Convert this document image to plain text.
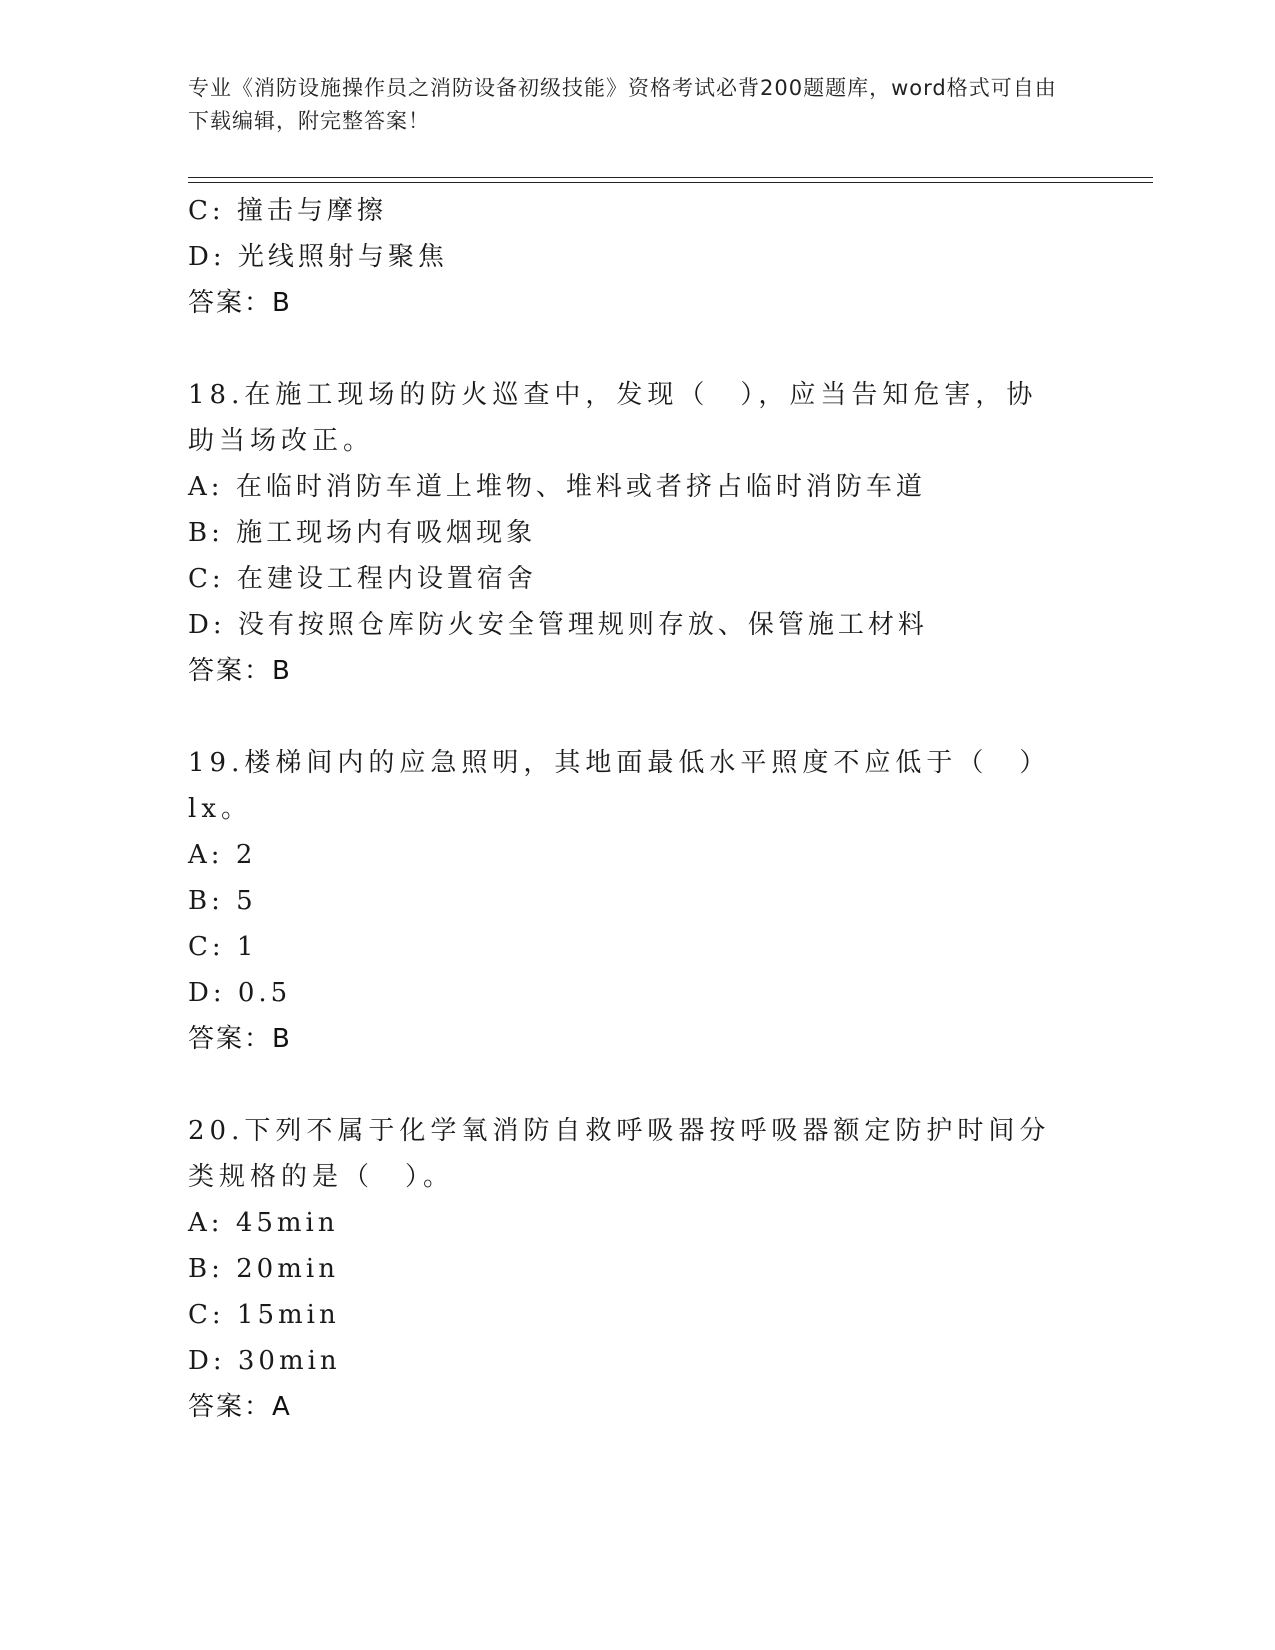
专业《消防设施操作员之消防设备初级技能》资格考试必背200题题库，word格式可自由下载编辑，附完整答案！
C: 撞击与摩擦
D: 光线照射与聚焦
答案：B
18.在施工现场的防火巡查中，发现（　），应当告知危害，协助当场改正。
A: 在临时消防车道上堆物、堆料或者挤占临时消防车道
B: 施工现场内有吸烟现象
C: 在建设工程内设置宿舍
D: 没有按照仓库防火安全管理规则存放、保管施工材料
答案：B
19.楼梯间内的应急照明，其地面最低水平照度不应低于（　）lx。
A: 2
B: 5
C: 1
D: 0.5
答案：B
20.下列不属于化学氧消防自救呼吸器按呼吸器额定防护时间分类规格的是（　）。
A: 45min
B: 20min
C: 15min
D: 30min
答案：A
